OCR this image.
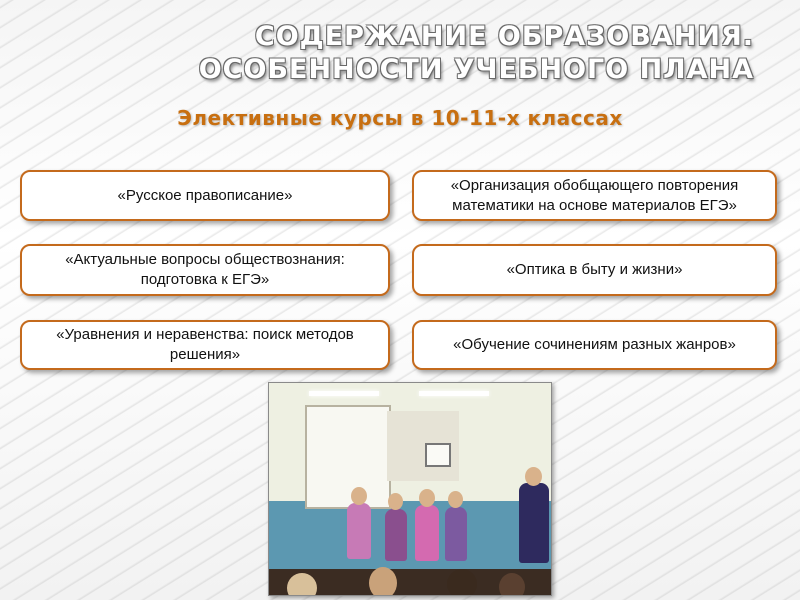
СОДЕРЖАНИЕ ОБРАЗОВАНИЯ.
ОСОБЕННОСТИ УЧЕБНОГО ПЛАНА
Элективные курсы в 10-11-х классах
«Русское правописание»
«Актуальные вопросы обществознания: подготовка к ЕГЭ»
«Уравнения и неравенства: поиск методов решения»
«Организация обобщающего повторения математики на основе материалов ЕГЭ»
«Оптика в быту и жизни»
«Обучение сочинениям разных жанров»
